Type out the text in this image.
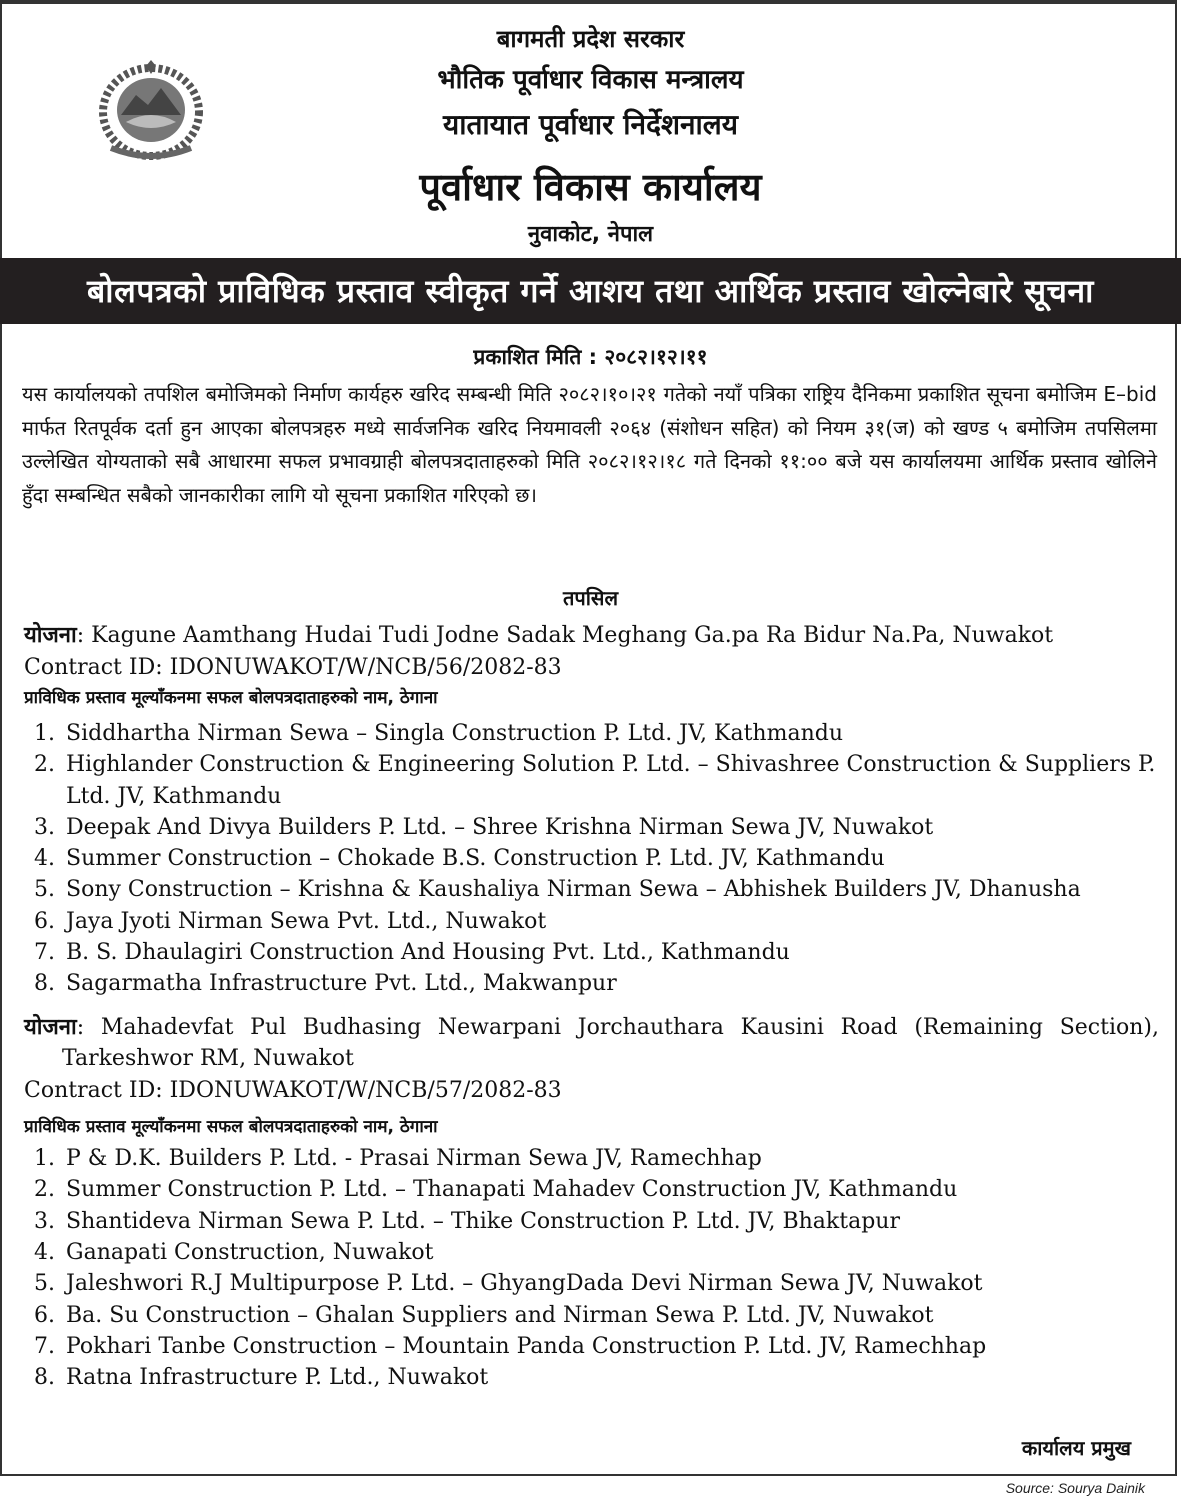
बागमती प्रदेश सरकार
भौतिक पूर्वाधार विकास मन्त्रालय
यातायात पूर्वाधार निर्देशनालय
पूर्वाधार विकास कार्यालय
नुवाकोट, नेपाल
बोलपत्रको प्राविधिक प्रस्ताव स्वीकृत गर्ने आशय तथा आर्थिक प्रस्ताव खोल्नेबारे सूचना
प्रकाशित मिति : २०८२।१२।११
यस कार्यालयको तपशिल बमोजिमको निर्माण कार्यहरु खरिद सम्बन्धी मिति २०८२।१०।२१ गतेको नयाँ पत्रिका राष्ट्रिय दैनिकमा प्रकाशित सूचना बमोजिम E–bid मार्फत रितपूर्वक दर्ता हुन आएका बोलपत्रहरु मध्ये सार्वजनिक खरिद नियमावली २०६४ (संशोधन सहित) को नियम ३१(ज) को खण्ड ५ बमोजिम तपसिलमा उल्लेखित योग्यताको सबै आधारमा सफल प्रभावग्राही बोलपत्रदाताहरुको मिति २०८२।१२।१८ गते दिनको ११:०० बजे यस कार्यालयमा आर्थिक प्रस्ताव खोलिने हुँदा सम्बन्धित सबैको जानकारीका लागि यो सूचना प्रकाशित गरिएको छ।
तपसिल
योजना: Kagune Aamthang Hudai Tudi Jodne Sadak Meghang Ga.pa Ra Bidur Na.Pa, Nuwakot
Contract ID: IDONUWAKOT/W/NCB/56/2082-83
प्राविधिक प्रस्ताव मूल्यांँकनमा सफल बोलपत्रदाताहरुको नाम, ठेगाना
1. Siddhartha Nirman Sewa – Singla Construction P. Ltd. JV, Kathmandu
2. Highlander Construction & Engineering Solution P. Ltd. – Shivashree Construction & Suppliers P. Ltd. JV, Kathmandu
3. Deepak And Divya Builders P. Ltd. – Shree Krishna Nirman Sewa JV, Nuwakot
4. Summer Construction – Chokade B.S. Construction P. Ltd. JV, Kathmandu
5. Sony Construction – Krishna & Kaushaliya Nirman Sewa – Abhishek Builders JV, Dhanusha
6. Jaya Jyoti Nirman Sewa Pvt. Ltd., Nuwakot
7. B. S. Dhaulagiri Construction And Housing Pvt. Ltd., Kathmandu
8. Sagarmatha Infrastructure Pvt. Ltd., Makwanpur
योजना: Mahadevfat Pul Budhasing Newarpani Jorchauthara Kausini Road (Remaining Section),
Tarkeshwor RM, Nuwakot
Contract ID: IDONUWAKOT/W/NCB/57/2082-83
प्राविधिक प्रस्ताव मूल्यांँकनमा सफल बोलपत्रदाताहरुको नाम, ठेगाना
1. P & D.K. Builders P. Ltd. - Prasai Nirman Sewa JV, Ramechhap
2. Summer Construction P. Ltd. – Thanapati Mahadev Construction JV, Kathmandu
3. Shantideva Nirman Sewa P. Ltd. – Thike Construction P. Ltd. JV, Bhaktapur
4. Ganapati Construction, Nuwakot
5. Jaleshwori R.J Multipurpose P. Ltd. – GhyangDada Devi Nirman Sewa JV, Nuwakot
6. Ba. Su Construction – Ghalan Suppliers and Nirman Sewa P. Ltd. JV, Nuwakot
7. Pokhari Tanbe Construction – Mountain Panda Construction P. Ltd. JV, Ramechhap
8. Ratna Infrastructure P. Ltd., Nuwakot
कार्यालय प्रमुख
Source: Sourya Dainik
